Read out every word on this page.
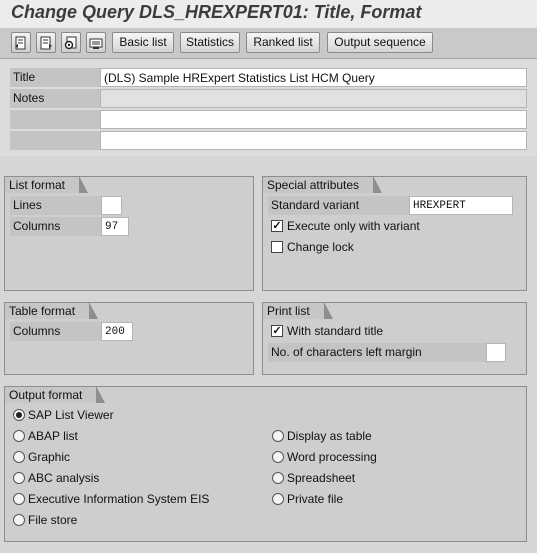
Change Query DLS_HREXPERT01: Title, Format
Basic list	Statistics	Ranked list	Output sequence
Title	(DLS) Sample HRExpert Statistics List HCM Query
Notes
List format
Lines
Columns	97
Special attributes
Standard variant	HREXPERT
✓ Execute only with variant
Change lock
Table format
Columns	200
Print list
✓ With standard title
No. of characters left margin
Output format
SAP List Viewer
ABAP list
Graphic
ABC analysis
Executive Information System EIS
File store
Display as table
Word processing
Spreadsheet
Private file
